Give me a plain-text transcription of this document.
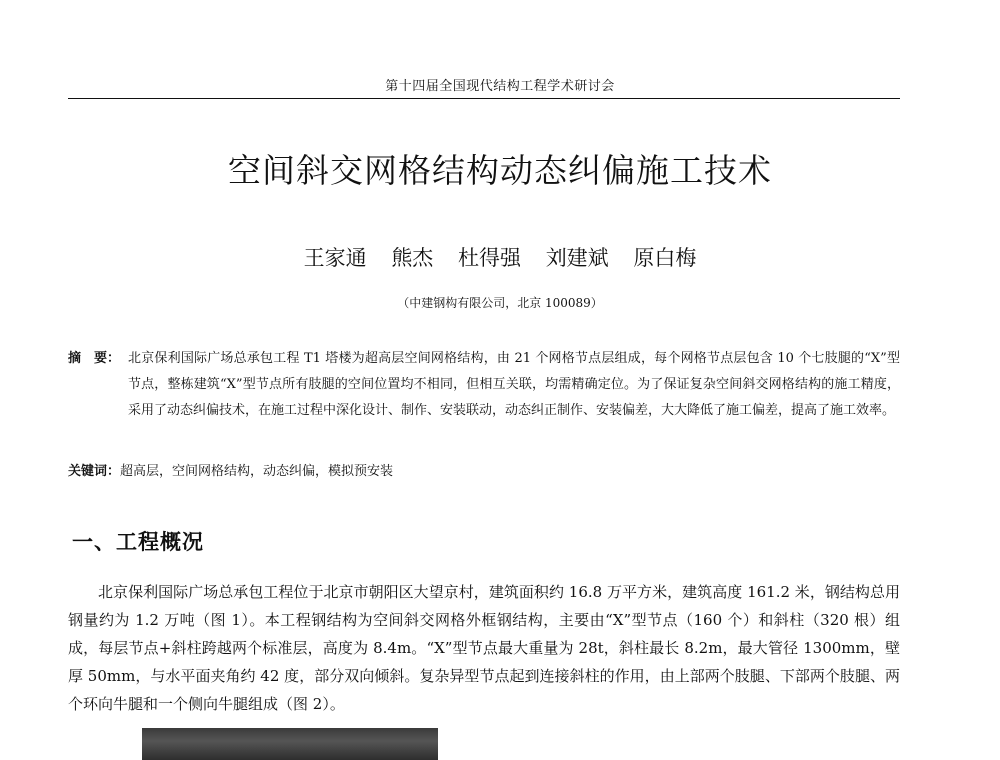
第十四届全国现代结构工程学术研讨会
空间斜交网格结构动态纠偏施工技术
王家通 熊杰 杜得强 刘建斌 原白梅
（中建钢构有限公司，北京 100089）
摘　要： 北京保利国际广场总承包工程 T1 塔楼为超高层空间网格结构，由 21 个网格节点层组成，每个网格节点层包含 10 个七肢腿的“X”型节点，整栋建筑“X”型节点所有肢腿的空间位置均不相同，但相互关联，均需精确定位。为了保证复杂空间斜交网格结构的施工精度，采用了动态纠偏技术，在施工过程中深化设计、制作、安装联动，动态纠正制作、安装偏差，大大降低了施工偏差，提高了施工效率。
关键词：超高层，空间网格结构，动态纠偏，模拟预安装
一、工程概况
北京保利国际广场总承包工程位于北京市朝阳区大望京村，建筑面积约 16.8 万平方米，建筑高度 161.2 米，钢结构总用钢量约为 1.2 万吨（图 1）。本工程钢结构为空间斜交网格外框钢结构，主要由“X”型节点（160 个）和斜柱（320 根）组成，每层节点+斜柱跨越两个标准层，高度为 8.4m。“X”型节点最大重量为 28t，斜柱最长 8.2m，最大管径 1300mm，壁厚 50mm，与水平面夹角约 42 度，部分双向倾斜。复杂异型节点起到连接斜柱的作用，由上部两个肢腿、下部两个肢腿、两个环向牛腿和一个侧向牛腿组成（图 2）。
